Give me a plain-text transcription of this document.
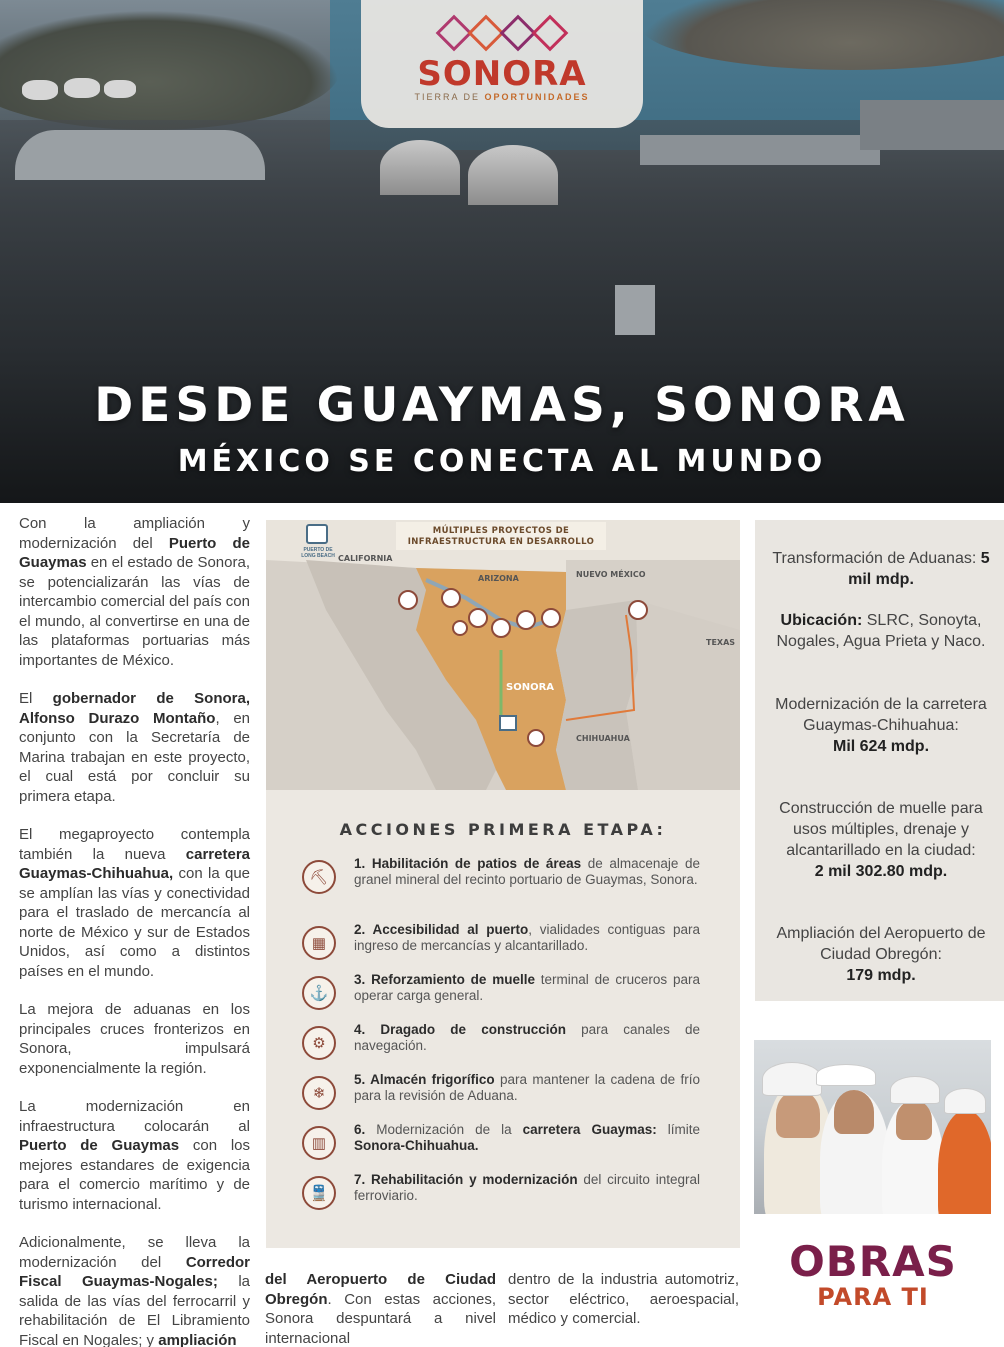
DESDE GUAYMAS, SONORA
MÉXICO SE CONECTA AL MUNDO
SONORA
TIERRA DE OPORTUNIDADES

Con la ampliación y modernización del Puerto de Guaymas en el estado de Sonora, se potencializarán las vías de intercambio comercial del país con el mundo, al convertirse en una de las plataformas portuarias más importantes de México.

El gobernador de Sonora, Alfonso Durazo Montaño, en conjunto con la Secretaría de Marina trabajan en este proyecto, el cual está por concluir su primera etapa.

El megaproyecto contempla también la nueva carretera Guaymas-Chihuahua, con la que se amplían las vías y conectividad para el traslado de mercancía al norte de México y sur de Estados Unidos, así como a distintos países en el mundo.

La mejora de aduanas en los principales cruces fronterizos en Sonora, impulsará exponencialmente la región.

La modernización en infraestructura colocarán al Puerto de Guaymas con los mejores estandares de exigencia para el comercio marítimo y de turismo internacional.

Adicionalmente, se lleva la modernización del Corredor Fiscal Guaymas-Nogales; la salida de las vías del ferrocarril y rehabilitación de El Libramiento Fiscal en Nogales; y ampliación

MÚLTIPLES PROYECTOS DE INFRAESTRUCTURA EN DESARROLLO
PUERTO DE LONG BEACH CALIFORNIA
ARIZONA	NUEVO MÉXICO
TEXAS
SONORA
CHIHUAHUA
ACCIONES PRIMERA ETAPA:
⛏
1. Habilitación de patios de áreas de almacenaje de granel mineral del recinto portuario de Guaymas, Sonora.
▦
2. Accesibilidad al puerto, vialidades contiguas para ingreso de mercancías y alcantarillado.
⚓
3. Reforzamiento de muelle terminal de cruceros para operar carga general.
⚙
4. Dragado de construcción para canales de navegación.
❄
5. Almacén frigorífico para mantener la cadena de frío para la revisión de Aduana.
▥
6. Modernización de la carretera Guaymas: límite Sonora-Chihuahua.
🚆
7. Rehabilitación y modernización del circuito integral ferroviario.
del Aeropuerto de Ciudad Obregón. Con estas acciones, Sonora despuntará a nivel internacional
dentro de la industria automotriz, sector eléctrico, aeroespacial, médico y comercial.
Transformación de Aduanas: 5 mil mdp.
Ubicación: SLRC, Sonoyta, Nogales, Agua Prieta y Naco.
Modernización de la carretera Guaymas-Chihuahua:
Mil 624 mdp.
Construcción de muelle para usos múltiples, drenaje y alcantarillado en la ciudad:
2 mil 302.80 mdp.
Ampliación del Aeropuerto de Ciudad Obregón:
179 mdp.
OBRAS
PARA TI
